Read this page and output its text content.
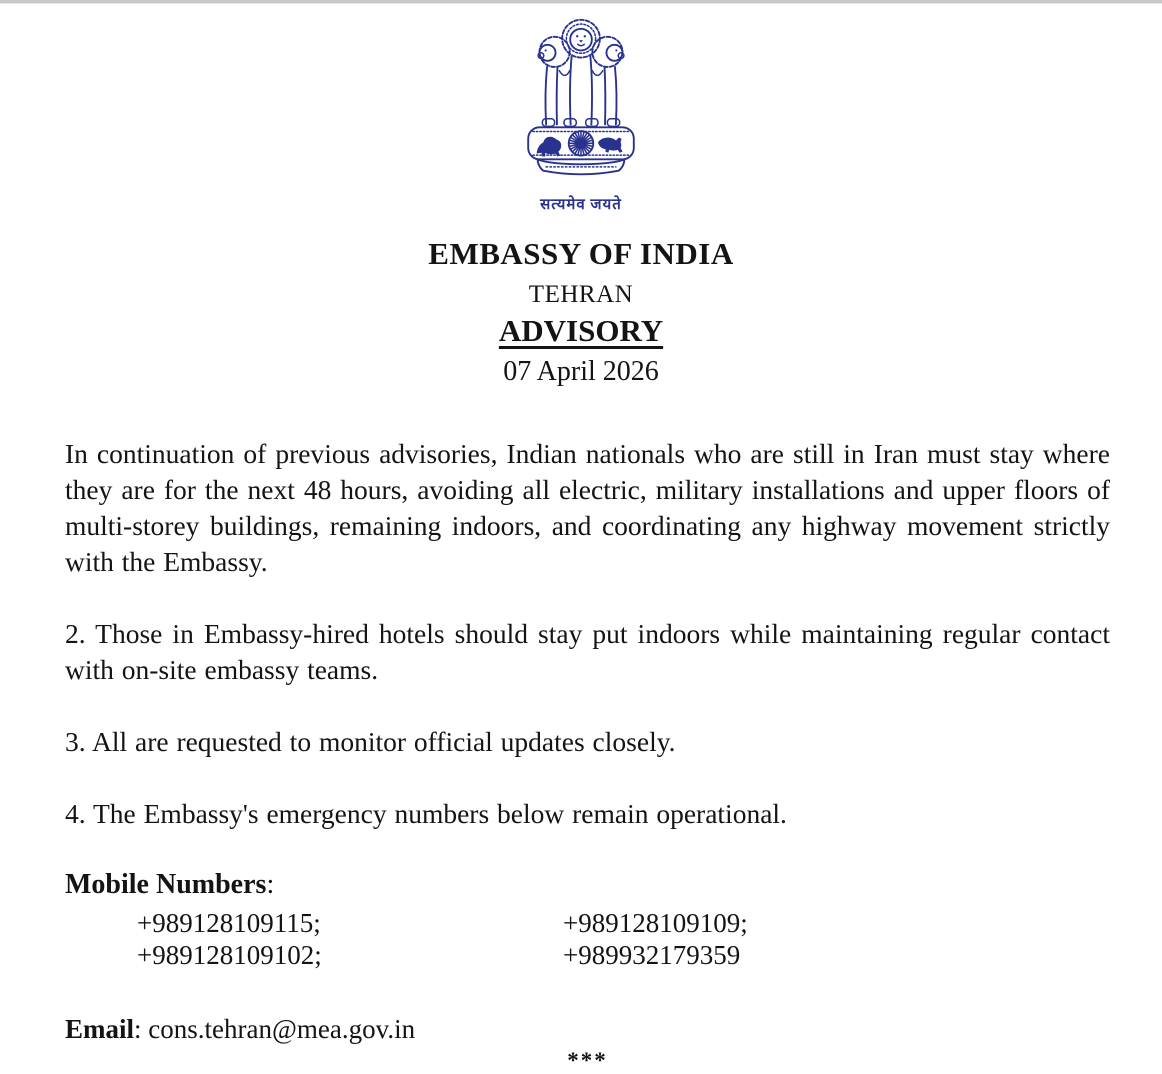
सत्यमेव जयते
EMBASSY OF INDIA
TEHRAN
ADVISORY
07 April 2026

In continuation of previous advisories, Indian nationals who are still in Iran must stay where they are for the next 48 hours, avoiding all electric, military installations and upper floors of multi-storey buildings, remaining indoors, and coordinating any highway movement strictly with the Embassy.

2. Those in Embassy-hired hotels should stay put indoors while maintaining regular contact with on-site embassy teams.

3. All are requested to monitor official updates closely.

4. The Embassy's emergency numbers below remain operational.

Mobile Numbers:
+989128109115;	+989128109109;
+989128109102;	+989932179359
Email: cons.tehran@mea.gov.in
***
